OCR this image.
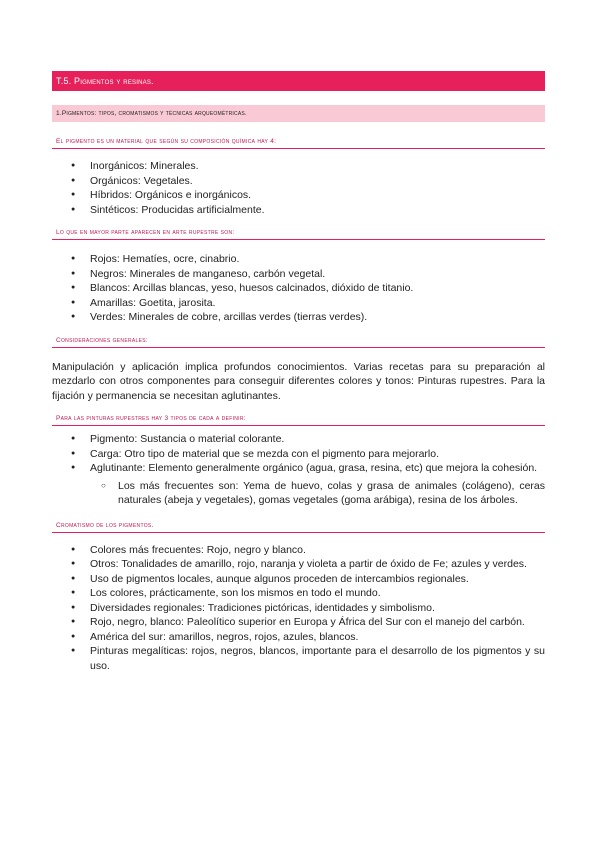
T.5. Pigmentos y resinas.
1.Pigmentos: tipos, cromatismos y técnicas arqueométricas.
El pigmento es un material que según su composición química hay 4:
● Inorgánicos: Minerales.
● Orgánicos: Vegetales.
● Híbridos: Orgánicos e inorgánicos.
● Sintéticos: Producidas artificialmente.
Lo que en mayor parte aparecen en arte rupestre son:
● Rojos: Hematíes, ocre, cinabrio.
● Negros: Minerales de manganeso, carbón vegetal.
● Blancos: Arcillas blancas, yeso, huesos calcinados, dióxido de titanio.
● Amarillas: Goetita, jarosita.
● Verdes: Minerales de cobre, arcillas verdes (tierras verdes).
Consideraciones generales:

Manipulación y aplicación implica profundos conocimientos. Varias recetas para su preparación al mezdarlo con otros componentes para conseguir diferentes colores y tonos: Pinturas rupestres. Para la fijación y permanencia se necesitan aglutinantes.

Para las pinturas rupestres hay 3 tipos de cada a definir:
● Pigmento: Sustancia o material colorante.
● Carga: Otro tipo de material que se mezda con el pigmento para mejorarlo.
● Aglutinante: Elemento generalmente orgánico (agua, grasa, resina, etc) que mejora la cohesión.
○ Los más frecuentes son: Yema de huevo, colas y grasa de animales (colágeno), ceras naturales (abeja y vegetales), gomas vegetales (goma arábiga), resina de los árboles.
Cromatismo de los pigmentos.
● Colores más frecuentes: Rojo, negro y blanco.
● Otros: Tonalidades de amarillo, rojo, naranja y violeta a partir de óxido de Fe; azules y verdes.
● Uso de pigmentos locales, aunque algunos proceden de intercambios regionales.
● Los colores, prácticamente, son los mismos en todo el mundo.
● Diversidades regionales: Tradiciones pictóricas, identidades y simbolismo.
● Rojo, negro, blanco: Paleolítico superior en Europa y África del Sur con el manejo del carbón.
● América del sur: amarillos, negros, rojos, azules, blancos.
● Pinturas megalíticas: rojos, negros, blancos, importante para el desarrollo de los pigmentos y su uso.
